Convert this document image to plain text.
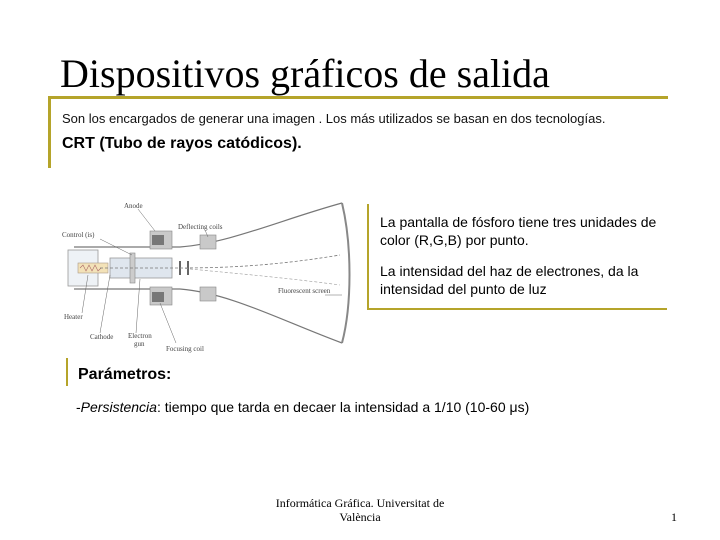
Dispositivos gráficos de salida
Son los encargados de generar una imagen . Los más utilizados se basan en dos tecnologías.
CRT (Tubo de rayos catódicos).
Anode
Control (is)
Deflecting coils
Fluorescent screen
Heater
Cathode Electron
gun
Focusing coil
La pantalla de fósforo tiene tres unidades de color (R,G,B) por punto.
La intensidad del haz de electrones, da la intensidad del punto de luz
Parámetros:
-Persistencia: tiempo que tarda en decaer la intensidad a 1/10 (10-60 μs)
Informática Gráfica. Universitat de
València	1
